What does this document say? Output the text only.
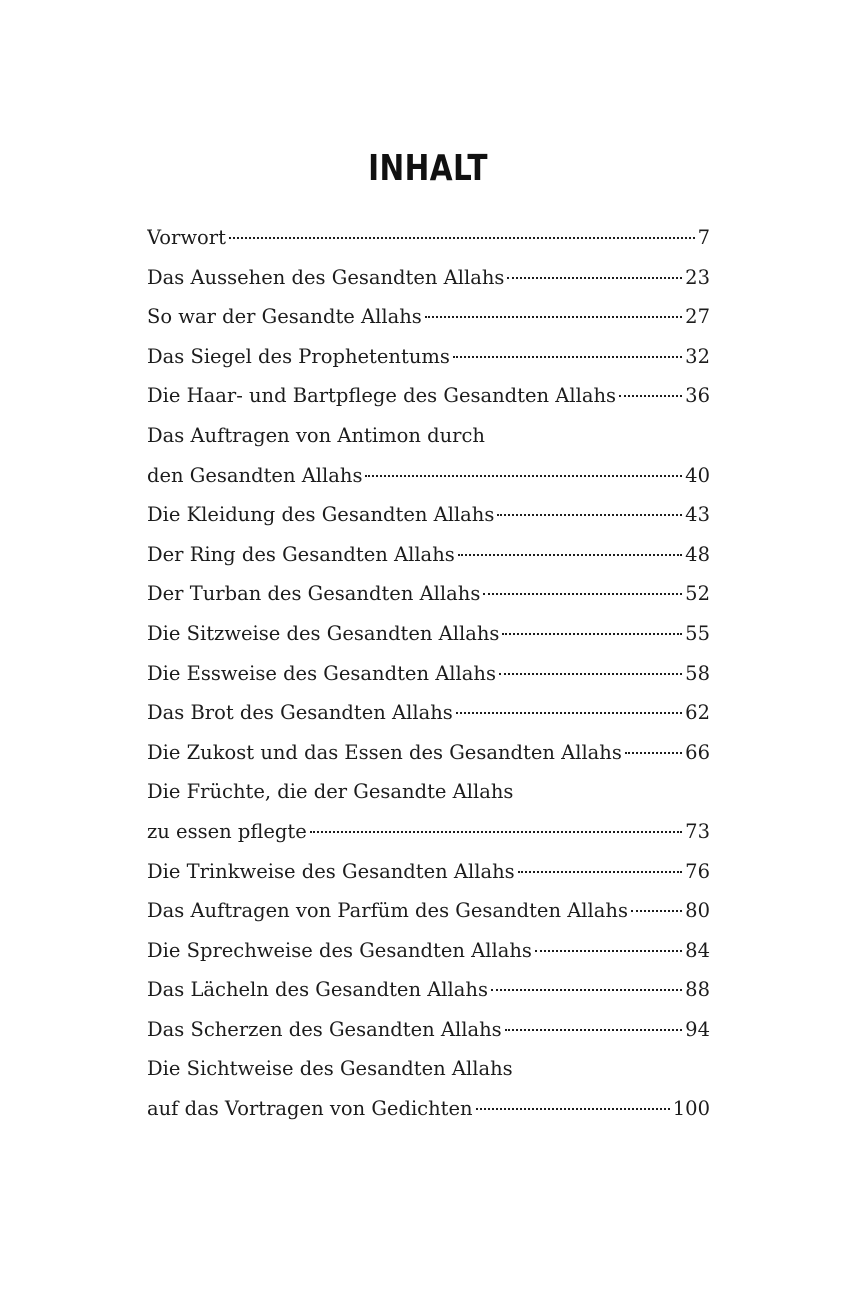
INHALT
Vorwort	7
Das Aussehen des Gesandten Allahs	23
So war der Gesandte Allahs	27
Das Siegel des Prophetentums	32
Die Haar- und Bartpflege des Gesandten Allahs	36
Das Auftragen von Antimon durch
den Gesandten Allahs	40
Die Kleidung des Gesandten Allahs	43
Der Ring des Gesandten Allahs	48
Der Turban des Gesandten Allahs	52
Die Sitzweise des Gesandten Allahs	55
Die Essweise des Gesandten Allahs	58
Das Brot des Gesandten Allahs	62
Die Zukost und das Essen des Gesandten Allahs	66
Die Früchte, die der Gesandte Allahs
zu essen pflegte	73
Die Trinkweise des Gesandten Allahs	76
Das Auftragen von Parfüm des Gesandten Allahs	80
Die Sprechweise des Gesandten Allahs	84
Das Lächeln des Gesandten Allahs	88
Das Scherzen des Gesandten Allahs	94
Die Sichtweise des Gesandten Allahs
auf das Vortragen von Gedichten	100
